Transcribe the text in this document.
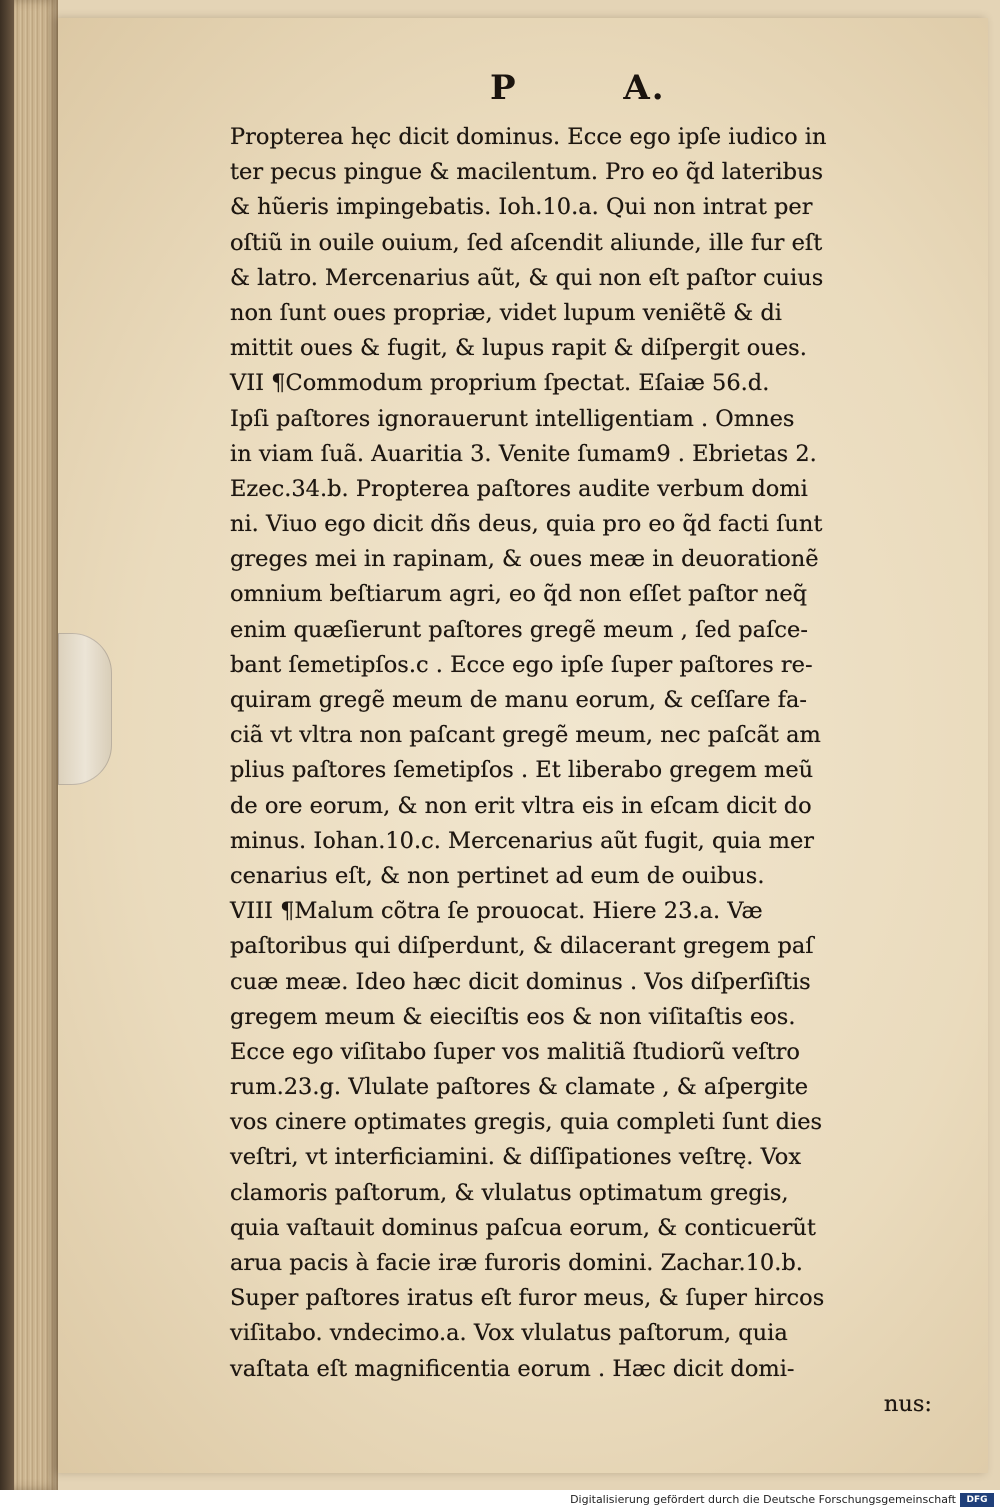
P	A.
Propterea hęc dicit dominus. Ecce ego ipſe iudico in
ter pecus pingue & macilentum. Pro eo q̃d lateribus
& hũeris impingebatis. Ioh.10.a. Qui non intrat per
oſtiũ in ouile ouium, ſed aſcendit aliunde, ille fur eſt
& latro. Mercenarius aũt, & qui non eſt paſtor cuius
non ſunt oues propriæ, videt lupum veniẽtẽ & di
mittit oues & fugit, & lupus rapit & diſpergit oues.
VII ¶Commodum proprium ſpectat. Eſaiæ 56.d.
Ipſi paſtores ignorauerunt intelligentiam . Omnes
in viam ſuã. Auaritia 3. Venite ſumam9 . Ebrietas 2.
Ezec.34.b. Propterea paſtores audite verbum domi
ni. Viuo ego dicit dñs deus, quia pro eo q̃d facti ſunt
greges mei in rapinam, & oues meæ in deuorationẽ
omnium beſtiarum agri, eo q̃d non eſſet paſtor neq̃
enim quæſierunt paſtores gregẽ meum , ſed paſce-
bant ſemetipſos.c . Ecce ego ipſe ſuper paſtores re-
quiram gregẽ meum de manu eorum, & ceſſare fa-
ciã vt vltra non paſcant gregẽ meum, nec paſcãt am
plius paſtores ſemetipſos . Et liberabo gregem meũ
de ore eorum, & non erit vltra eis in eſcam dicit do
minus. Iohan.10.c. Mercenarius aũt fugit, quia mer
cenarius eſt, & non pertinet ad eum de ouibus.
VIII ¶Malum cõtra ſe prouocat. Hiere 23.a. Væ
paſtoribus qui diſperdunt, & dilacerant gregem paſ
cuæ meæ. Ideo hæc dicit dominus . Vos diſperſiſtis
gregem meum & eieciſtis eos & non viſitaſtis eos.
Ecce ego viſitabo ſuper vos malitiã ſtudiorũ veſtro
rum.23.g. Vlulate paſtores & clamate , & aſpergite
vos cinere optimates gregis, quia completi ſunt dies
veſtri, vt interficiamini. & diſſipationes veſtrę. Vox
clamoris paſtorum, & vlulatus optimatum gregis,
quia vaſtauit dominus paſcua eorum, & conticuerũt
arua pacis à facie iræ furoris domini. Zachar.10.b.
Super paſtores iratus eſt furor meus, & ſuper hircos
viſitabo. vndecimo.a. Vox vlulatus paſtorum, quia
vaſtata eſt magnificentia eorum . Hæc dicit domi-
nus:
Digitalisierung gefördert durch die Deutsche Forschungsgemeinschaft	DFG
